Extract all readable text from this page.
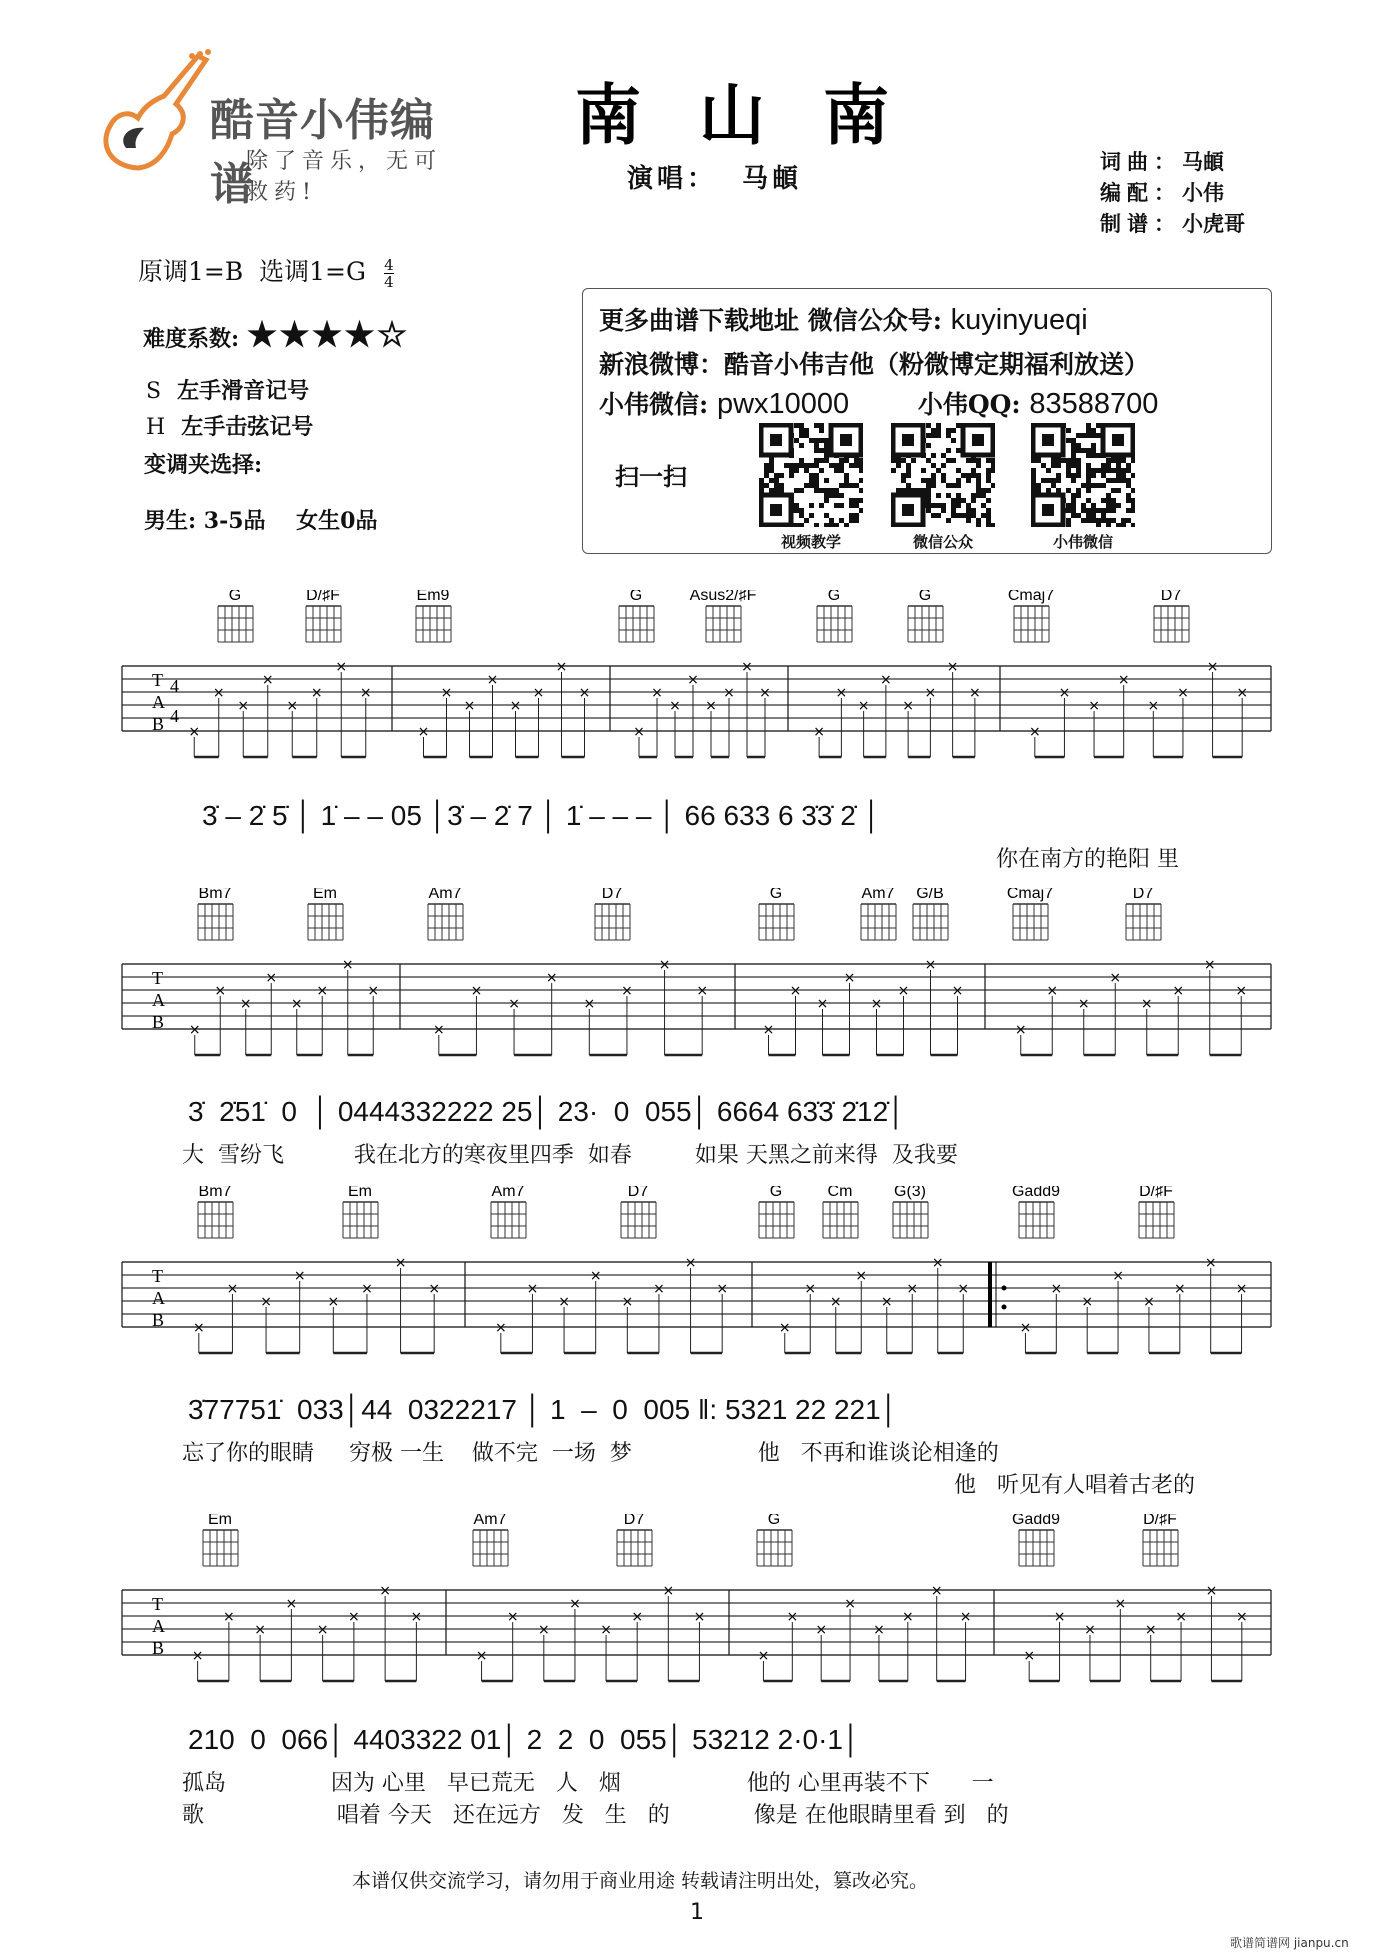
酷音小伟编谱
除了音乐，无可救药!
南山南
演唱： 马頔
词曲：马頔
编配：小伟
制谱：小虎哥
原调1=B  选调$1=G \frac{4}{4}$
难度系数: ★★★★☆
S 左手滑音记号
H 左手击弦记号
变调夹选择:
男生: 3-5品    女生0品
更多曲谱下载地址 微信公众号: kuyinyueqi
新浪微博：酷音小伟吉他（粉微博定期福利放送）
小伟微信: pwx10000	小伟QQ: 83588700
扫一扫
视频教学	微信公众	小伟微信
T
A
B
4
4
G	D/♯F	Em9	G	Asus2/♯F	G	G	Cmaj7	D7
×
×
×
×
×
×
×
×
×
×
×
×
×
×
×
×
×
×
×
×
×
×
×
×
×
×
×
×
×
×
×
×
×
×
×
×
×
×
×
×
T
A
B
Bm7	Em	Am7	D7	G	Am7 G/B	Cmaj7	D7
×
×
×
×
×
×
×
×
×
×
×
×
×
×
×
×
×
×
×
×
×
×
×
×
×
×
×
×
×
×
×
×
T
A
B
Bm7	Em	Am7	D7	G	Cm	G(3)	Gadd9	D/♯F
×
×
×
×
×
×
×
×
×
×
×
×
×
×
×
×
×
×
×
×
×
×
×
×
×
×
×
×
×
×
×
×
T
A
B
Em	Am7	D7	G	Gadd9	D/♯F
×
×
×
×
×
×
×
×
×
×
×
×
×
×
×
×
×
×
×
×
×
×
×
×
×
×
×
×
×
×
×
×
3̇ – 2̇ 5̇ │ 1̇ – – 05 │3̇ – 2̇ 7 │ 1̇ – – – │ 66 633 6 3̇3̇ 2̇ │
你在南方的艳阳 里
3̇  2̇51̇  0  │ 0444332222 25│ 23·  0  055│ 6664 63̇3̇ 2̇12̇│
大  雪纷飞          我在北方的寒夜里四季  如春         如果 天黑之前来得  及我要
3̇77751̇  033│44  0322217 │ 1  –  0  005 ‖: 5321 22 221│
忘了你的眼睛     穷极 一生    做不完  一场  梦                  他   不再和谁谈论相逢的
他   听见有人唱着古老的
210  0  066│ 4403322 01│ 2  2  0  055│ 53212 2·0·1│
孤岛               因为 心里   早已荒无   人   烟                  他的 心里再装不下      一
歌                   唱着 今天   还在远方   发   生   的            像是 在他眼睛里看 到   的
本谱仅供交流学习，请勿用于商业用途 转载请注明出处，篡改必究。
1
歌谱简谱网 jianpu.cn
